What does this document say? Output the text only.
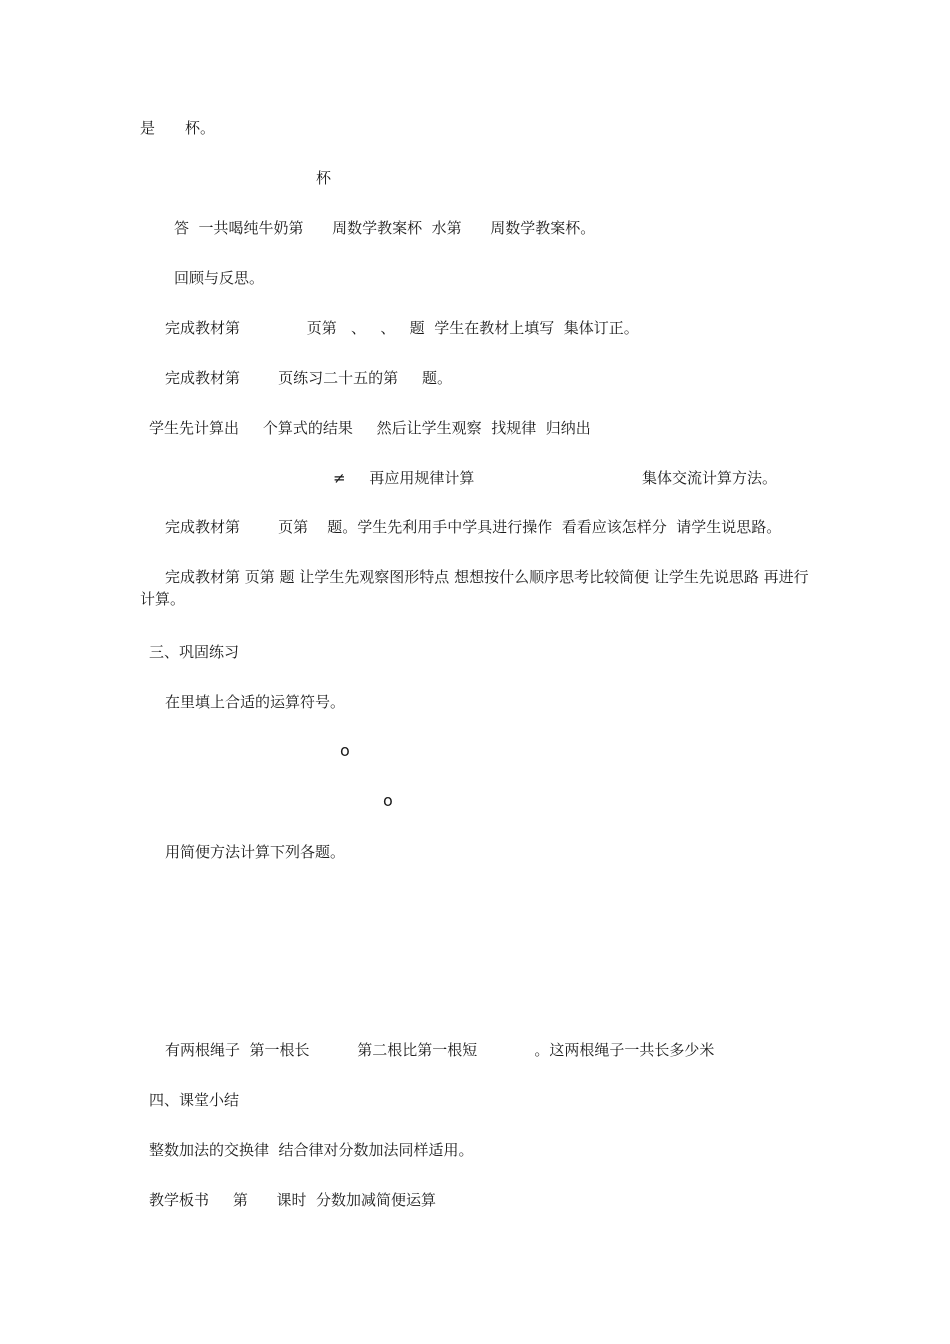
是　　杯。
杯
答  一共喝纯牛奶第      周数学教案杯  水第      周数学教案杯。
回顾与反思。
完成教材第              页第   、   、   题  学生在教材上填写  集体订正。
完成教材第        页练习二十五的第     题。
学生先计算出     个算式的结果     然后让学生观察  找规律  归纳出
≠     再应用规律计算	集体交流计算方法。
完成教材第        页第    题。学生先利用手中学具进行操作  看看应该怎样分  请学生说思路。
完成教材第 页第 题 让学生先观察图形特点 想想按什么顺序思考比较简便 让学生先说思路 再进行计算。
三、巩固练习
在里填上合适的运算符号。
o
o
用简便方法计算下列各题。
有两根绳子  第一根长          第二根比第一根短            。这两根绳子一共长多少米
四、课堂小结
整数加法的交换律  结合律对分数加法同样适用。
教学板书     第      课时  分数加减简便运算
